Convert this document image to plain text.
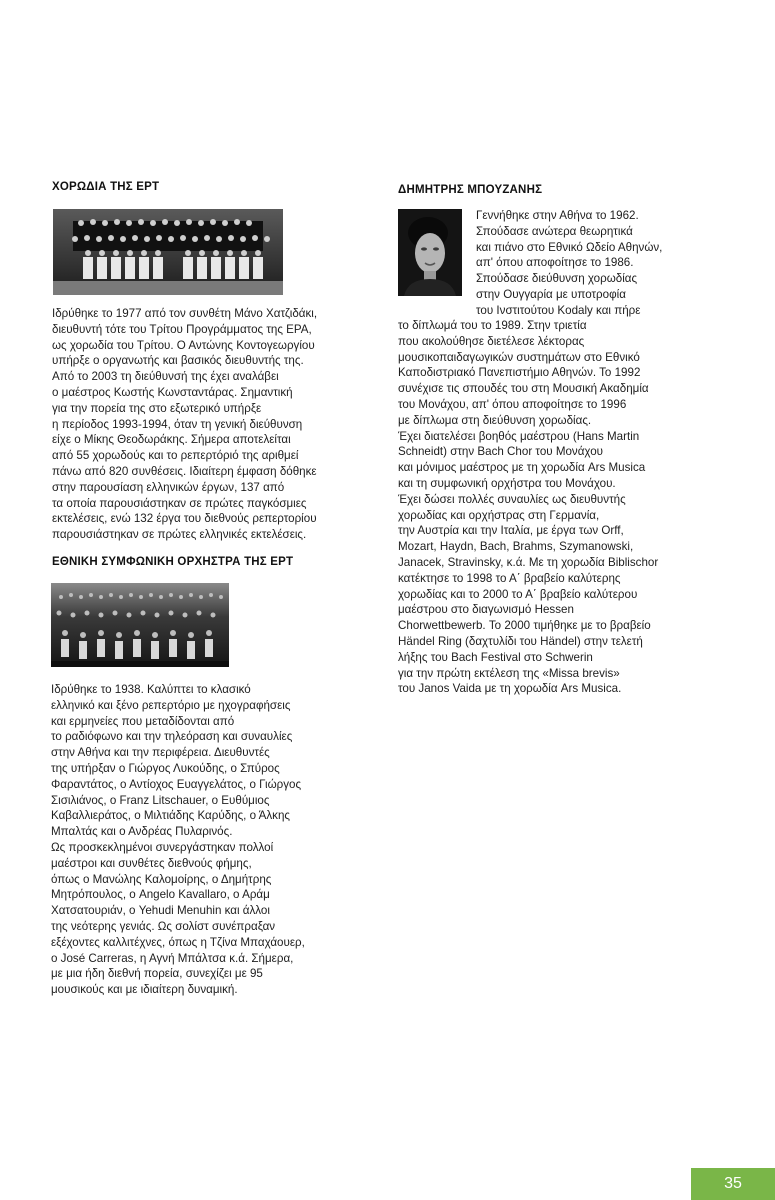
ΧΟΡΩΔΙΑ ΤΗΣ ΕΡΤ
Ιδρύθηκε το 1977 από τον συνθέτη Μάνο Χατζιδάκι,
διευθυντή τότε του Τρίτου Προγράμματος της ΕΡΑ,
ως χορωδία του Τρίτου. Ο Αντώνης Κοντογεωργίου
υπήρξε ο οργανωτής και βασικός διευθυντής της.
Από το 2003 τη διεύθυνσή της έχει αναλάβει
ο μαέστρος Κωστής Κωνσταντάρας. Σημαντική
για την πορεία της στο εξωτερικό υπήρξε
η περίοδος 1993-1994, όταν τη γενική διεύθυνση
είχε ο Μίκης Θεοδωράκης. Σήμερα αποτελείται
από 55 χορωδούς και το ρεπερτόριό της αριθμεί
πάνω από 820 συνθέσεις. Ιδιαίτερη έμφαση δόθηκε
στην παρουσίαση ελληνικών έργων, 137 από
τα οποία παρουσιάστηκαν σε πρώτες παγκόσμιες
εκτελέσεις, ενώ 132 έργα του διεθνούς ρεπερτορίου
παρουσιάστηκαν σε πρώτες ελληνικές εκτελέσεις.
ΕΘΝΙΚΗ ΣΥΜΦΩΝΙΚΗ ΟΡΧΗΣΤΡΑ ΤΗΣ ΕΡΤ
Ιδρύθηκε το 1938. Καλύπτει το κλασικό
ελληνικό και ξένο ρεπερτόριο με ηχογραφήσεις
και ερμηνείες που μεταδίδονται από
το ραδιόφωνο και την τηλεόραση και συναυλίες
στην Αθήνα και την περιφέρεια. Διευθυντές
της υπήρξαν ο Γιώργος Λυκούδης, ο Σπύρος
Φαραντάτος, ο Αντίοχος Ευαγγελάτος, ο Γιώργος
Σισιλιάνος, ο Franz Litschauer, ο Ευθύμιος
Καβαλλιεράτος, ο Μιλτιάδης Καρύδης, ο Άλκης
Μπαλτάς και ο Ανδρέας Πυλαρινός.
Ως προσκεκλημένοι συνεργάστηκαν πολλοί
μαέστροι και συνθέτες διεθνούς φήμης,
όπως ο Μανώλης Καλομοίρης, ο Δημήτρης
Μητρόπουλος, ο Angelo Kavallaro, ο Αράμ
Χατσατουριάν, ο Yehudi Menuhin και άλλοι
της νεότερης γενιάς. Ως σολίστ συνέπραξαν
εξέχοντες καλλιτέχνες, όπως η Τζίνα Μπαχάουερ,
ο José Carreras, η Αγνή Μπάλτσα κ.ά. Σήμερα,
με μια ήδη διεθνή πορεία, συνεχίζει με 95
μουσικούς και με ιδιαίτερη δυναμική.
ΔΗΜΗΤΡΗΣ ΜΠΟΥΖΑΝΗΣ
Γεννήθηκε στην Αθήνα το 1962.
Σπούδασε ανώτερα θεωρητικά
και πιάνο στο Εθνικό Ωδείο Αθηνών,
απ' όπου αποφοίτησε το 1986.
Σπούδασε διεύθυνση χορωδίας
στην Ουγγαρία με υποτροφία
του Ινστιτούτου Kodaly και πήρε
το δίπλωμά του το 1989. Στην τριετία
που ακολούθησε διετέλεσε λέκτορας
μουσικοπαιδαγωγικών συστημάτων στο Εθνικό
Καποδιστριακό Πανεπιστήμιο Αθηνών. Το 1992
συνέχισε τις σπουδές του στη Μουσική Ακαδημία
του Μονάχου, απ' όπου αποφοίτησε το 1996
με δίπλωμα στη διεύθυνση χορωδίας.
Έχει διατελέσει βοηθός μαέστρου (Hans Martin
Schneidt) στην Bach Chor του Μονάχου
και μόνιμος μαέστρος με τη χορωδία Ars Musica
και τη συμφωνική ορχήστρα του Μονάχου.
Έχει δώσει πολλές συναυλίες ως διευθυντής
χορωδίας και ορχήστρας στη Γερμανία,
την Αυστρία και την Ιταλία, με έργα των Orff,
Mozart, Haydn, Bach, Brahms, Szymanowski,
Janacek, Stravinsky, κ.ά. Με τη χορωδία Biblischor
κατέκτησε το 1998 το Α΄ βραβείο καλύτερης
χορωδίας και το 2000 το Α΄ βραβείο καλύτερου
μαέστρου στο διαγωνισμό Hessen
Chorwettbewerb. Το 2000 τιμήθηκε με το βραβείο
Händel Ring (δαχτυλίδι του Händel) στην τελετή
λήξης του Bach Festival στο Schwerin
για την πρώτη εκτέλεση της «Missa brevis»
του Janos Vaida με τη χορωδία Ars Musica.
35
